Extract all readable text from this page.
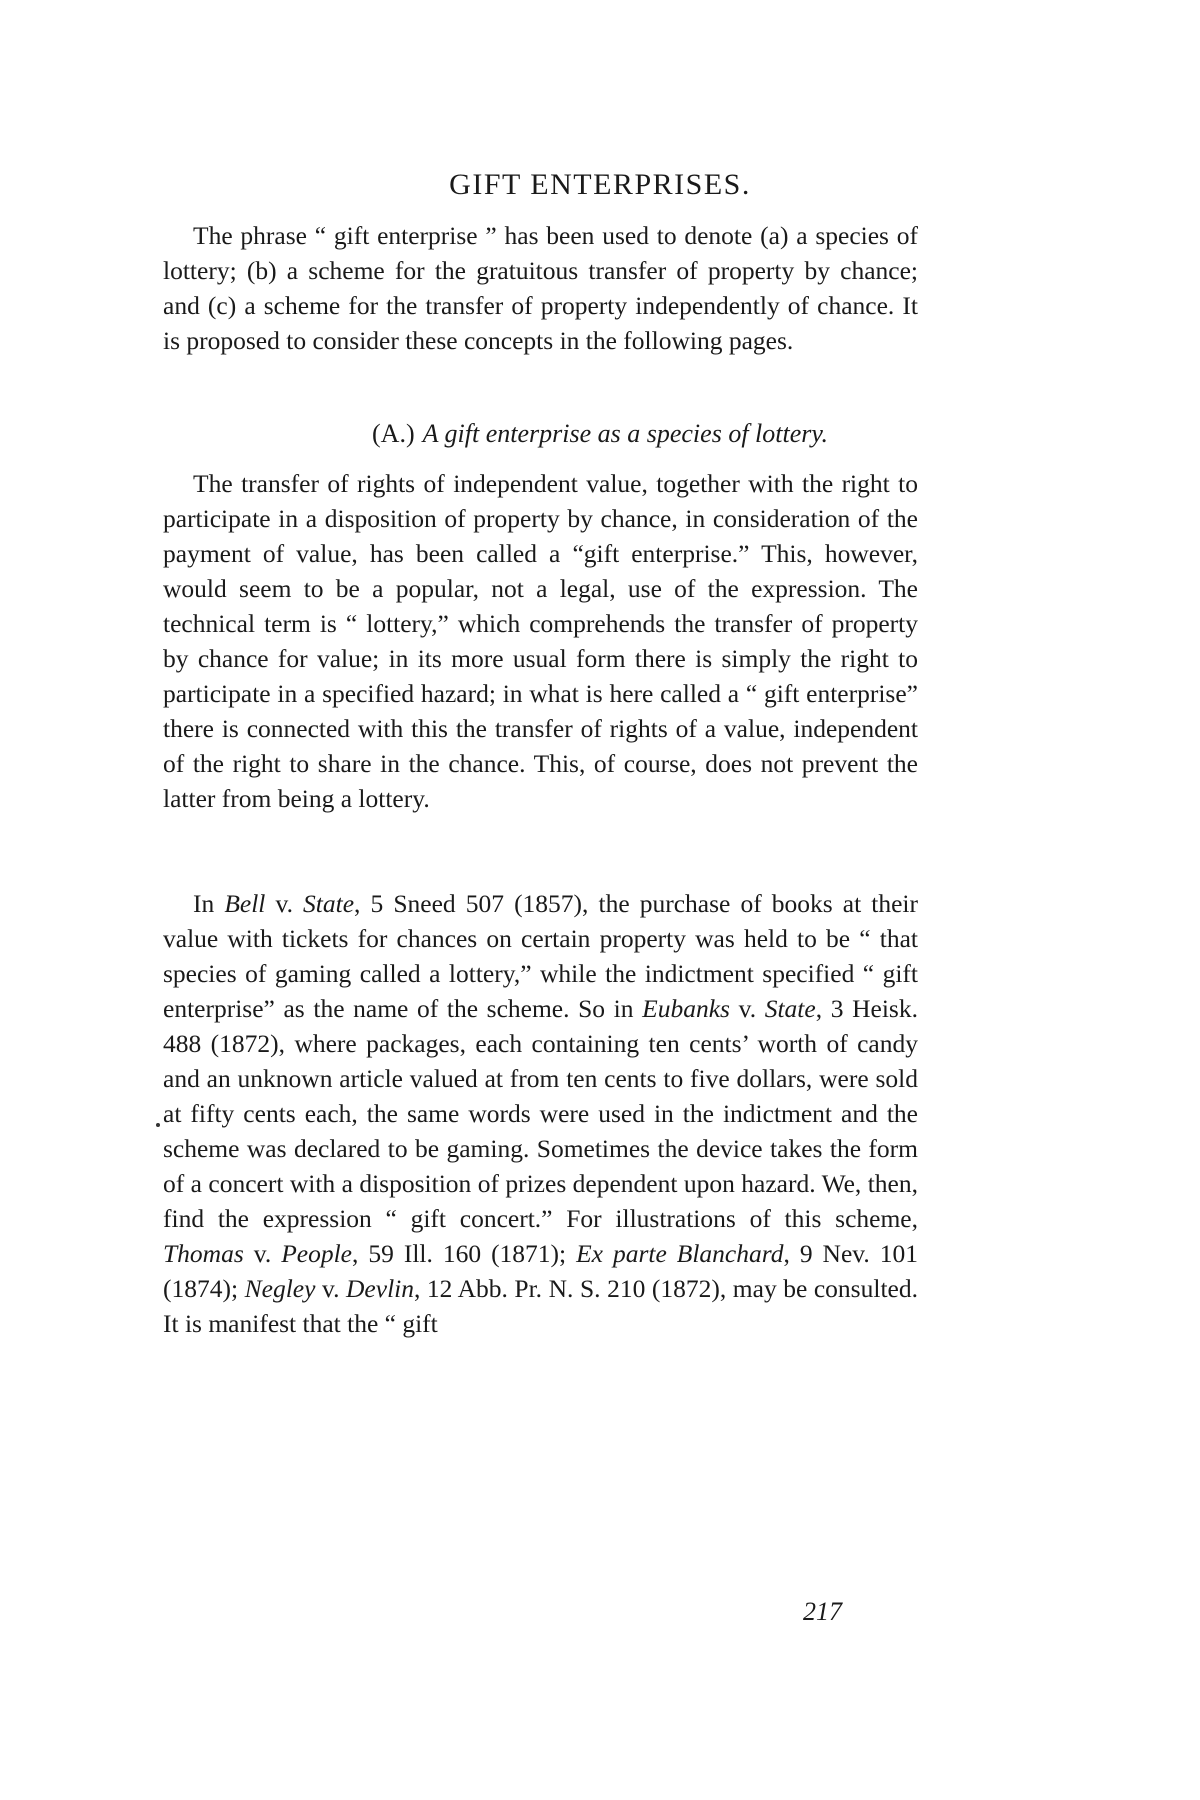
GIFT ENTERPRISES.

The phrase “ gift enterprise ” has been used to denote (a) a species of lottery; (b) a scheme for the gratuitous transfer of property by chance; and (c) a scheme for the transfer of property independently of chance. It is proposed to consider these concepts in the following pages.

(A.) A gift enterprise as a species of lottery.

The transfer of rights of independent value, together with the right to participate in a disposition of property by chance, in consideration of the payment of value, has been called a “gift enterprise.” This, however, would seem to be a popular, not a legal, use of the expression. The technical term is “ lottery,” which comprehends the transfer of property by chance for value; in its more usual form there is simply the right to participate in a specified hazard; in what is here called a “ gift enterprise” there is connected with this the transfer of rights of a value, independent of the right to share in the chance. This, of course, does not prevent the latter from being a lottery.

In Bell v. State, 5 Sneed 507 (1857), the purchase of books at their value with tickets for chances on certain property was held to be “ that species of gaming called a lottery,” while the indictment specified “ gift enterprise” as the name of the scheme. So in Eubanks v. State, 3 Heisk. 488 (1872), where packages, each containing ten cents’ worth of candy and an unknown article valued at from ten cents to five dollars, were sold at fifty cents each, the same words were used in the indictment and the scheme was declared to be gaming. Sometimes the device takes the form of a concert with a disposition of prizes dependent upon hazard. We, then, find the expression “ gift concert.” For illustrations of this scheme, Thomas v. People, 59 Ill. 160 (1871); Ex parte Blanchard, 9 Nev. 101 (1874); Negley v. Devlin, 12 Abb. Pr. N. S. 210 (1872), may be consulted. It is manifest that the “ gift

217
